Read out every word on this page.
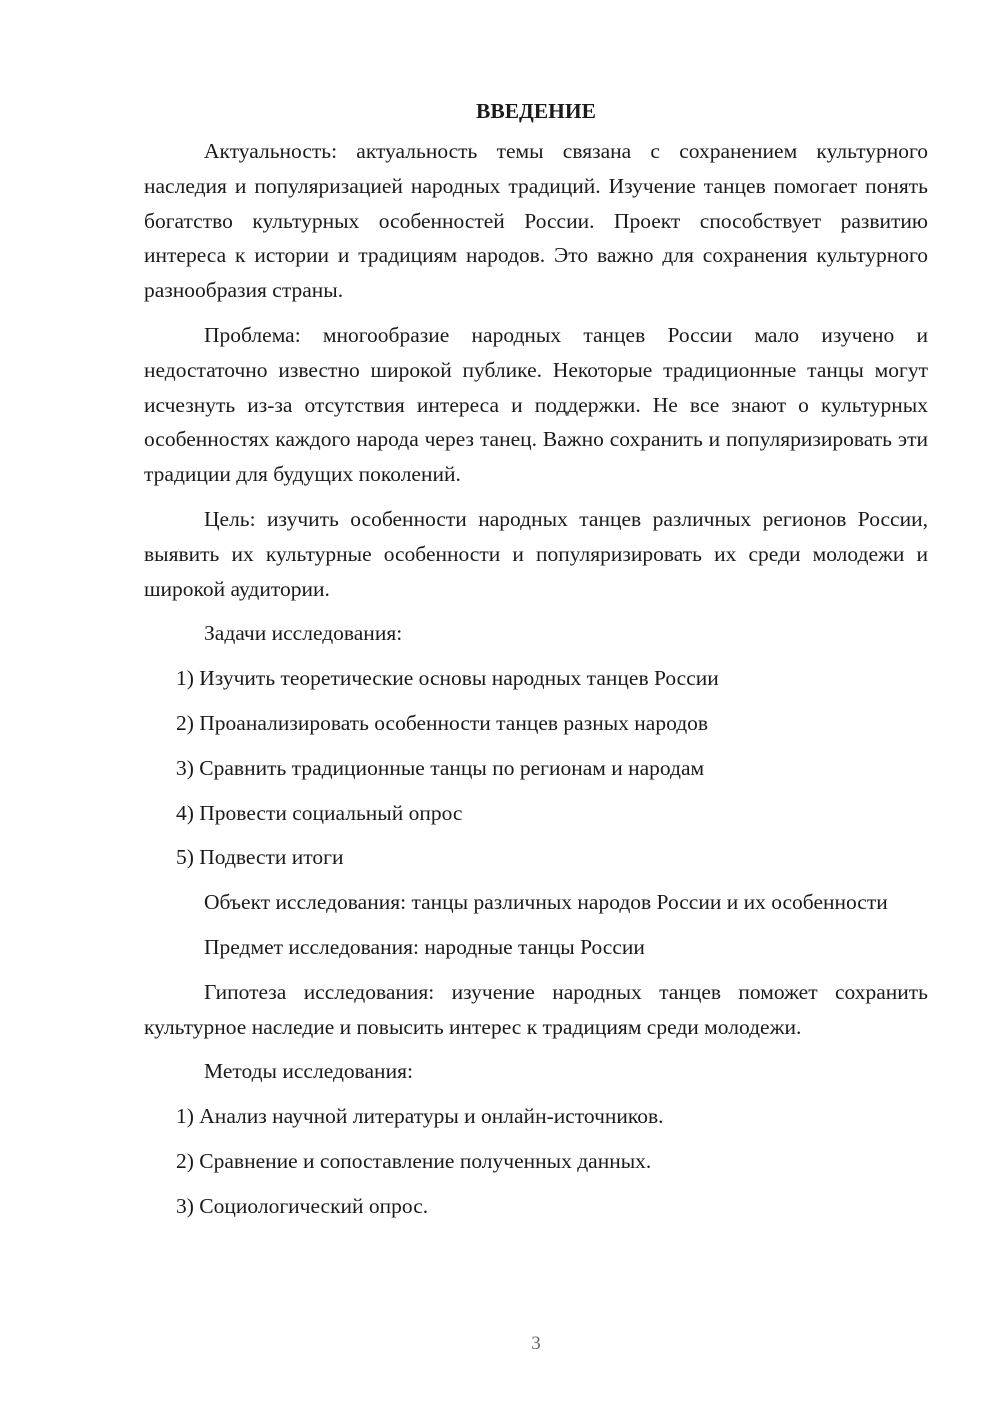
ВВЕДЕНИЕ

Актуальность: актуальность темы связана с сохранением культурного наследия и популяризацией народных традиций. Изучение танцев помогает понять богатство культурных особенностей России. Проект способствует развитию интереса к истории и традициям народов. Это важно для сохранения культурного разнообразия страны.

Проблема: многообразие народных танцев России мало изучено и недостаточно известно широкой публике. Некоторые традиционные танцы могут исчезнуть из-за отсутствия интереса и поддержки. Не все знают о культурных особенностях каждого народа через танец. Важно сохранить и популяризировать эти традиции для будущих поколений.

Цель: изучить особенности народных танцев различных регионов России, выявить их культурные особенности и популяризировать их среди молодежи и широкой аудитории.

Задачи исследования:

1) Изучить теоретические основы народных танцев России

2) Проанализировать особенности танцев разных народов

3) Сравнить традиционные танцы по регионам и народам

4) Провести социальный опрос

5) Подвести итоги

Объект исследования: танцы различных народов России и их особенности

Предмет исследования: народные танцы России

Гипотеза исследования: изучение народных танцев поможет сохранить культурное наследие и повысить интерес к традициям среди молодежи.

Методы исследования:

1) Анализ научной литературы и онлайн-источников.

2) Сравнение и сопоставление полученных данных.

3) Социологический опрос.

3
